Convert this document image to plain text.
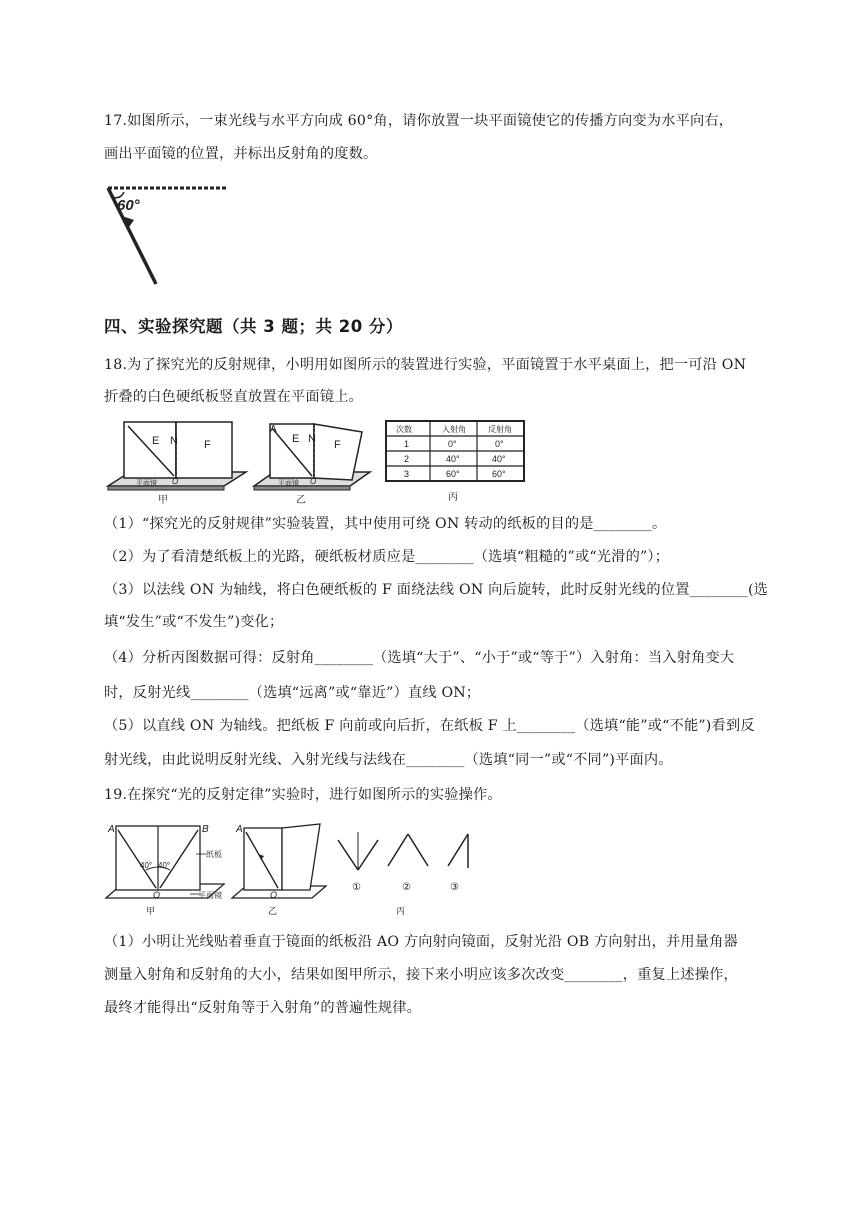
17.如图所示，一束光线与水平方向成 60°角，请你放置一块平面镜使它的传播方向变为水平向右，
画出平面镜的位置，并标出反射角的度数。
60°
四、实验探究题（共 3 题；共 20 分）
18.为了探究光的反射规律，小明用如图所示的装置进行实验，平面镜置于水平桌面上，把一可沿 ON
折叠的白色硬纸板竖直放置在平面镜上。
E N F
O
平面镜
甲
A
E N F
O
平面镜
乙
次数	入射角	反射角
1	0°	0°
2	40°	40°
3	60°	60°
丙
（1）“探究光的反射规律”实验装置，其中使用可绕 ON 转动的纸板的目的是________。
（2）为了看清楚纸板上的光路，硬纸板材质应是________（选填“粗糙的”或“光滑的”）；
（3）以法线 ON 为轴线，将白色硬纸板的 F 面绕法线 ON 向后旋转，此时反射光线的位置________(选
填“发生”或“不发生”)变化；
（4）分析丙图数据可得：反射角________（选填“大于”、“小于”或“等于”）入射角：当入射角变大
时，反射光线________（选填“远离”或“靠近”）直线 ON；
（5）以直线 ON 为轴线。把纸板 F 向前或向后折，在纸板 F 上________（选填“能”或“不能”)看到反
射光线，由此说明反射光线、入射光线与法线在________（选填“同一”或“不同”)平面内。
19.在探究“光的反射定律”实验时，进行如图所示的实验操作。
A	B
40° 40°
O
纸板
平面镜
甲
A
O
乙
①	②	③
丙
（1）小明让光线贴着垂直于镜面的纸板沿 AO 方向射向镜面，反射光沿 OB 方向射出，并用量角器
测量入射角和反射角的大小，结果如图甲所示，接下来小明应该多次改变________，重复上述操作，
最终才能得出“反射角等于入射角”的普遍性规律。
